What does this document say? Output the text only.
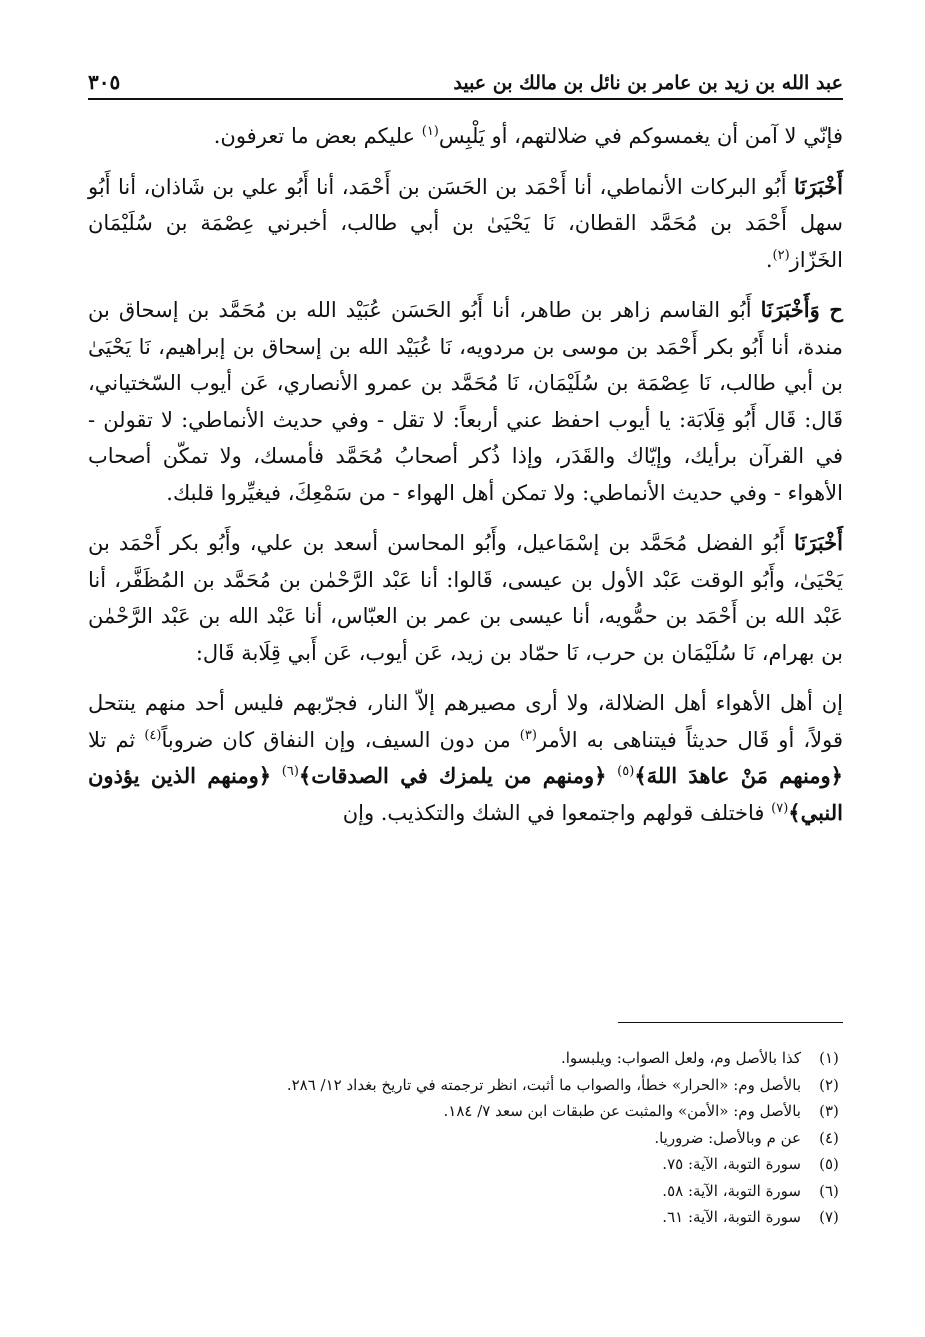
عبد الله بن زيد بن عامر بن نائل بن مالك بن عبيد
٣٠٥

فإنّي لا آمن أن يغمسوكم في ضلالتهم، أو يَلْبِس$^{(١)}$ عليكم بعض ما تعرفون.

أَخْبَرَنَا أَبُو البركات الأنماطي، أنا أَحْمَد بن الحَسَن بن أَحْمَد، أنا أَبُو علي بن شَاذان، أنا أَبُو سهل أَحْمَد بن مُحَمَّد القطان، نَا يَحْيَىٰ بن أبي طالب، أخبرني عِصْمَة بن سُلَيْمَان الخَزّاز$^{(٢)}$.

ح وَأَخْبَرَنَا أَبُو القاسم زاهر بن طاهر، أنا أَبُو الحَسَن عُبَيْد الله بن مُحَمَّد بن إسحاق بن مندة، أنا أَبُو بكر أَحْمَد بن موسى بن مردويه، نَا عُبَيْد الله بن إسحاق بن إبراهيم، نَا يَحْيَىٰ بن أبي طالب، نَا عِصْمَة بن سُلَيْمَان، نَا مُحَمَّد بن عمرو الأنصاري، عَن أيوب السّختياني، قَال: قَال أَبُو قِلَابَة: يا أيوب احفظ عني أربعاً: لا تقل - وفي حديث الأنماطي: لا تقولن - في القرآن برأيك، وإيّاك والقَدَر، وإذا ذُكر أصحابُ مُحَمَّد فأمسك، ولا تمكّن أصحاب الأهواء - وفي حديث الأنماطي: ولا تمكن أهل الهواء - من سَمْعِكَ، فيغيِّروا قلبك.

أَخْبَرَنَا أَبُو الفضل مُحَمَّد بن إسْمَاعيل، وأَبُو المحاسن أسعد بن علي، وأَبُو بكر أَحْمَد بن يَحْيَىٰ، وأَبُو الوقت عَبْد الأول بن عيسى، قَالوا: أنا عَبْد الرَّحْمٰن بن مُحَمَّد بن المُظَفَّر، أنا عَبْد الله بن أَحْمَد بن حمُّويه، أنا عيسى بن عمر بن العبّاس، أنا عَبْد الله بن عَبْد الرَّحْمٰن بن بهرام، نَا سُلَيْمَان بن حرب، نَا حمّاد بن زيد، عَن أيوب، عَن أَبي قِلَابة قَال:

إن أهل الأهواء أهل الضلالة، ولا أرى مصيرهم إلاّ النار، فجرّبهم فليس أحد منهم ينتحل قولاً، أو قَال حديثاً فيتناهى به الأمر$^{(٣)}$ من دون السيف، وإن النفاق كان ضروباً$^{(٤)}$ ثم تلا ﴿ومنهم مَنْ عاهدَ اللهَ﴾$^{(٥)}$ ﴿ومنهم من يلمزك في الصدقات﴾$^{(٦)}$ ﴿ومنهم الذين يؤذون النبي﴾$^{(٧)}$ فاختلف قولهم واجتمعوا في الشك والتكذيب. وإن

(١)
كذا بالأصل وم، ولعل الصواب: ويلبسوا.
(٢)
بالأصل وم: «الحرار» خطأ، والصواب ما أثبت، انظر ترجمته في تاريخ بغداد ١٢/ ٢٨٦.
(٣)
بالأصل وم: «الأمن» والمثبت عن طبقات ابن سعد ٧/ ١٨٤.
(٤)
عن م وبالأصل: ضروريا.
(٥)
سورة التوبة، الآية: ٧٥.
(٦)
سورة التوبة، الآية: ٥٨.
(٧)
سورة التوبة، الآية: ٦١.
